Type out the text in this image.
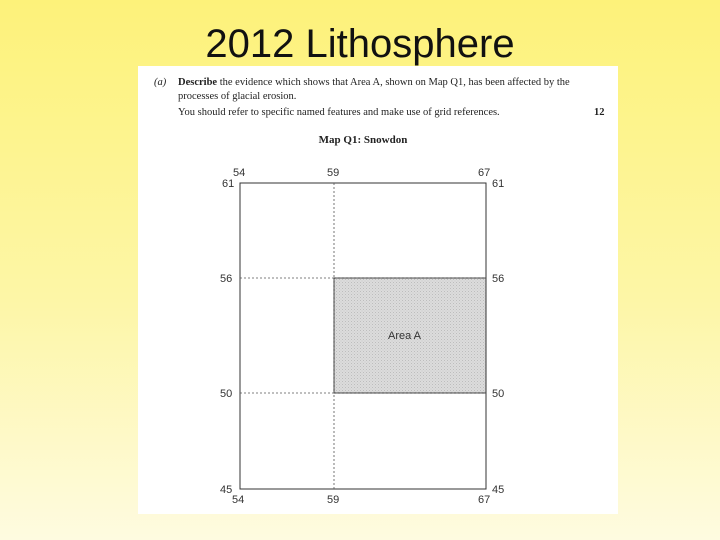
2012 Lithosphere
(a) Describe the evidence which shows that Area A, shown on Map Q1, has been affected by the processes of glacial erosion.
You should refer to specific named features and make use of grid references.	12
Map Q1: Snowdon
Area A
54	59	67
54	59	67
61
56
50
45
61
56
50
45
